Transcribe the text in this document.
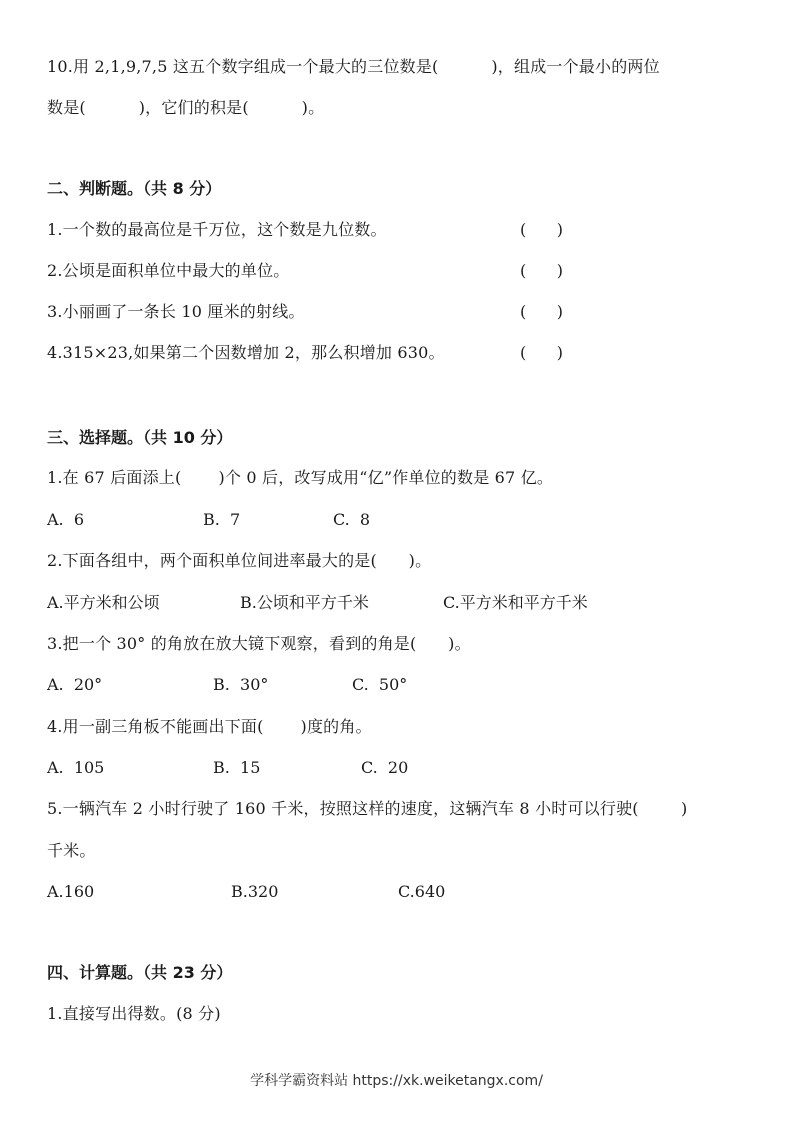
10.用 2,1,9,7,5 这五个数字组成一个最大的三位数是(          )，组成一个最小的两位
数是(          )，它们的积是(          )。
二、判断题。（共 8 分）
1.一个数的最高位是千万位，这个数是九位数。	(      )
2.公顷是面积单位中最大的单位。	(      )
3.小丽画了一条长 10 厘米的射线。	(      )
4.315×23,如果第二个因数增加 2，那么积增加 630。	(      )
三、选择题。（共 10 分）
1.在 67 后面添上(       )个 0 后，改写成用“亿”作单位的数是 67 亿。
A.  6	B.  7	C.  8
2.下面各组中，两个面积单位间进率最大的是(      )。
A.平方米和公顷	B.公顷和平方千米	C.平方米和平方千米
3.把一个 30° 的角放在放大镜下观察，看到的角是(      )。
A.  20°	B.  30°	C.  50°
4.用一副三角板不能画出下面(       )度的角。
A.  105	B.  15	C.  20
5.一辆汽车 2 小时行驶了 160 千米，按照这样的速度，这辆汽车 8 小时可以行驶(        )
千米。
A.160	B.320	C.640
四、计算题。（共 23 分）
1.直接写出得数。(8 分)
学科学霸资料站 https://xk.weiketangx.com/
